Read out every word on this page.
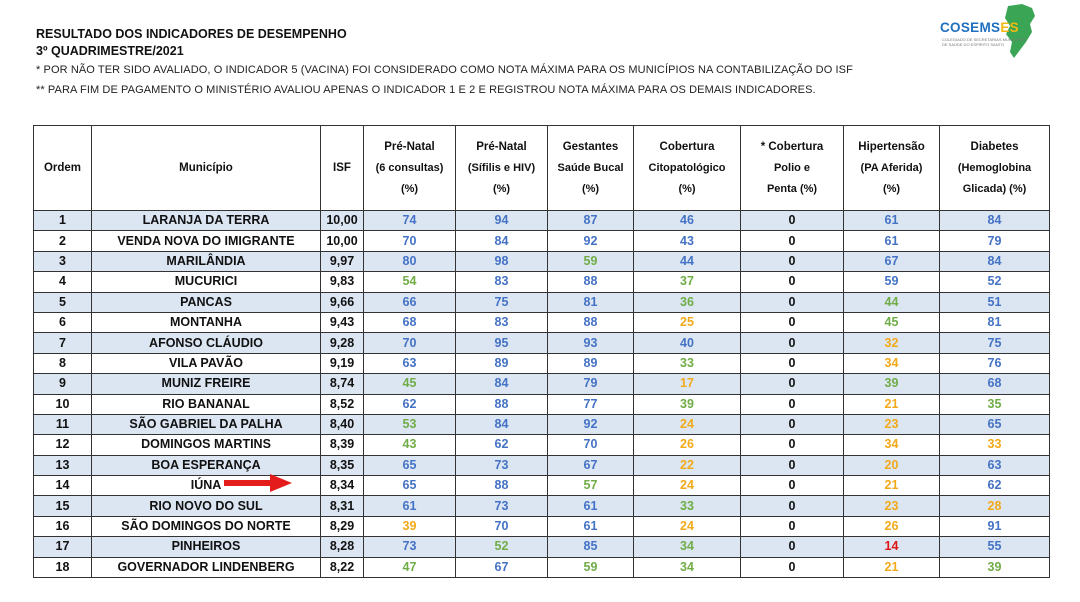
RESULTADO DOS INDICADORES DE DESEMPENHO
3º QUADRIMESTRE/2021
* POR NÃO TER SIDO AVALIADO, O INDICADOR 5 (VACINA) FOI CONSIDERADO COMO NOTA MÁXIMA PARA OS MUNICÍPIOS NA CONTABILIZAÇÃO DO ISF
** PARA FIM DE PAGAMENTO O MINISTÉRIO AVALIOU APENAS O INDICADOR 1 E 2 E REGISTROU NOTA MÁXIMA PARA OS DEMAIS INDICADORES.
COSEMSES
COLEGIADO DE SECRETARIAS MUNICIPAIS DE SAÚDE DO ESPÍRITO SANTO
Ordem	Município	ISF	Pré-Natal
(6 consultas)
(%)	Pré-Natal
(Sífilis e HIV)
(%)	Gestantes
Saúde Bucal
(%)	Cobertura
Citopatológico
(%)	* Cobertura
Polio e
Penta (%)	Hipertensão
(PA Aferida)
(%)	Diabetes
(Hemoglobina
Glicada) (%)

1	LARANJA DA TERRA	10,00	74	94	87	46	0	61	84
2	VENDA NOVA DO IMIGRANTE	10,00	70	84	92	43	0	61	79
3	MARILÂNDIA	9,97	80	98	59	44	0	67	84
4	MUCURICI	9,83	54	83	88	37	0	59	52
5	PANCAS	9,66	66	75	81	36	0	44	51
6	MONTANHA	9,43	68	83	88	25	0	45	81
7	AFONSO CLÁUDIO	9,28	70	95	93	40	0	32	75
8	VILA PAVÃO	9,19	63	89	89	33	0	34	76
9	MUNIZ FREIRE	8,74	45	84	79	17	0	39	68
10	RIO BANANAL	8,52	62	88	77	39	0	21	35
11	SÃO GABRIEL DA PALHA	8,40	53	84	92	24	0	23	65
12	DOMINGOS MARTINS	8,39	43	62	70	26	0	34	33
13	BOA ESPERANÇA	8,35	65	73	67	22	0	20	63
14	IÚNA	8,34	65	88	57	24	0	21	62
15	RIO NOVO DO SUL	8,31	61	73	61	33	0	23	28
16	SÃO DOMINGOS DO NORTE	8,29	39	70	61	24	0	26	91
17	PINHEIROS	8,28	73	52	85	34	0	14	55
18	GOVERNADOR LINDENBERG	8,22	47	67	59	34	0	21	39
